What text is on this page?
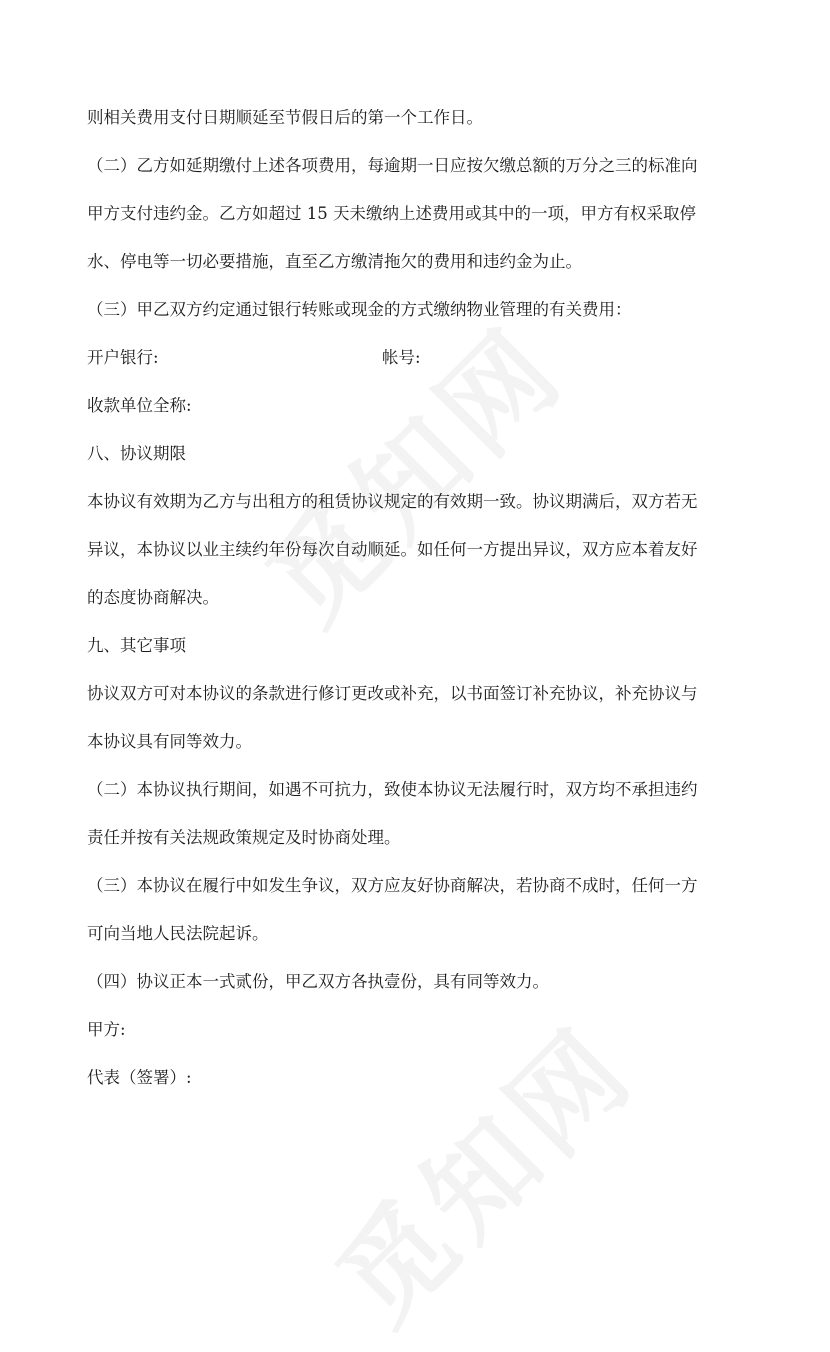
则相关费用支付日期顺延至节假日后的第一个工作日。
（二）乙方如延期缴付上述各项费用，每逾期一日应按欠缴总额的万分之三的标准向
甲方支付违约金。乙方如超过 15 天未缴纳上述费用或其中的一项，甲方有权采取停
水、停电等一切必要措施，直至乙方缴清拖欠的费用和违约金为止。
（三）甲乙双方约定通过银行转账或现金的方式缴纳物业管理的有关费用：
开户银行:	帐号:
收款单位全称:
八、协议期限
本协议有效期为乙方与出租方的租赁协议规定的有效期一致。协议期满后，双方若无
异议，本协议以业主续约年份每次自动顺延。如任何一方提出异议，双方应本着友好
的态度协商解决。
九、其它事项
协议双方可对本协议的条款进行修订更改或补充，以书面签订补充协议，补充协议与
本协议具有同等效力。
（二）本协议执行期间，如遇不可抗力，致使本协议无法履行时，双方均不承担违约
责任并按有关法规政策规定及时协商处理。
（三）本协议在履行中如发生争议，双方应友好协商解决，若协商不成时，任何一方
可向当地人民法院起诉。
（四）协议正本一式贰份，甲乙双方各执壹份，具有同等效力。
甲方:
代表（签署）:
